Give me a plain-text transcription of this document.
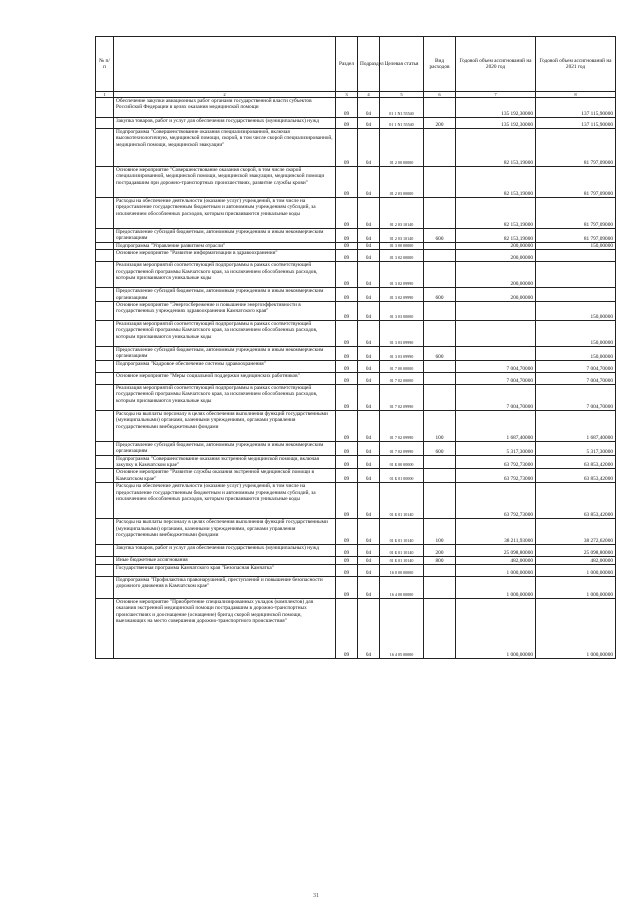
№ п/п		Раздел	Подраздел	Целевая статья	Вид расходов	Годовой объем ассигнований на 2020 год	Годовой объем ассигнований на 2021 год
1	2	3	4	5	6	7	8
	Обеспечение закупки авиационных работ органами государственной власти субъектов Российской Федерации в целях оказания медицинской помощи	09	04	01 1 N1 55540		135 192,30000	137 115,90000
	Закупка товаров, работ и услуг для обеспечения государственных (муниципальных) нужд	09	04	01 1 N1 55540	200	135 192,30000	137 115,90000
	Подпрограмма "Совершенствование оказания специализированной, включая высокотехнологичную, медицинской помощи, скорой, в том числе скорой специализированной, медицинской помощи, медицинской эвакуации"	09	04	01 2 00 00000		82 153,19000	81 797,09000
	Основное мероприятие "Совершенствование оказания скорой, в том числе скорой специализированной, медицинской помощи, медицинской эвакуации, медицинской помощи пострадавшим при дорожно-транспортных происшествиях, развитие службы крови"	09	04	01 2 03 00000		82 153,19000	81 797,09000
	Расходы на обеспечение деятельности (оказание услуг) учреждений, в том числе на предоставление государственным бюджетным и автономным учреждениям субсидий, за исключением обособленных расходов, которым присваиваются уникальные коды	09	04	01 2 03 10140		82 153,19000	81 797,09000
	Предоставление субсидий бюджетным, автономным учреждениям и иным некоммерческим организациям	09	04	01 2 03 10140	600	82 153,19000	81 797,09000
	Подпрограмма "Управление развитием отрасли"	09	04	01 3 00 00000		200,00000	150,00000
	Основное мероприятие "Развитие информатизации в здравоохранении"	09	04	01 3 02 00000		200,00000	
	Реализация мероприятий соответствующей подпрограммы в рамках соответствующей государственной программы Камчатского края, за исключением обособленных расходов, которым присваиваются уникальные коды	09	04	01 3 02 09990		200,00000	
	Предоставление субсидий бюджетным, автономным учреждениям и иным некоммерческим организациям	09	04	01 3 02 09990	600	200,00000	
	Основное мероприятие "Энергосбережение и повышение энергоэффективности в государственных учреждениях здравоохранения Камчатского края"	09	04	01 3 03 00000			150,00000
	Реализация мероприятий соответствующей подпрограммы в рамках соответствующей государственной программы Камчатского края, за исключением обособленных расходов, которым присваиваются уникальные коды	09	04	01 3 03 09990			150,00000
	Предоставление субсидий бюджетным, автономным учреждениям и иным некоммерческим организациям	09	04	01 3 03 09990	600		150,00000
	Подпрограмма "Кадровое обеспечение системы здравоохранения"	09	04	01 7 00 00000		7 004,70000	7 004,70000
	Основное мероприятие "Меры социальной поддержки медицинских работников"	09	04	01 7 02 00000		7 004,70000	7 004,70000
	Реализация мероприятий соответствующей подпрограммы в рамках соответствующей государственной программы Камчатского края, за исключением обособленных расходов, которым присваиваются уникальные коды	09	04	01 7 02 09990		7 004,70000	7 004,70000
	Расходы на выплаты персоналу в целях обеспечения выполнения функций государственными (муниципальными) органами, казенными учреждениями, органами управления государственными внебюджетными фондами	09	04	01 7 02 09990	100	1 687,40000	1 687,40000
	Предоставление субсидий бюджетным, автономным учреждениям и иным некоммерческим организациям	09	04	01 7 02 09990	600	5 317,30000	5 317,30000
	Подпрограмма "Совершенствование оказания экстренной медицинской помощи, включая закупку в Камчатском крае"	09	04	01 Б 00 00000		63 792,73000	63 853,42000
	Основное мероприятие "Развитие службы оказания экстренной медицинской помощи в Камчатском крае"	09	04	01 Б 01 00000		63 792,73000	63 853,42000
	Расходы на обеспечение деятельности (оказание услуг) учреждений, в том числе на предоставление государственным бюджетным и автономным учреждениям субсидий, за исключением обособленных расходов, которым присваиваются уникальные коды	09	04	01 Б 01 10140		63 792,73000	63 853,42000
	Расходы на выплаты персоналу в целях обеспечения выполнения функций государственными (муниципальными) органами, казенными учреждениями, органами управления государственными внебюджетными фондами	09	04	01 Б 01 10140	100	38 211,93000	38 272,62000
	Закупка товаров, работ и услуг для обеспечения государственных (муниципальных) нужд	09	04	01 Б 01 10140	200	25 098,80000	25 098,80000
	Иные бюджетные ассигнования	09	04	01 Б 01 10140	800	482,00000	482,00000
	Государственная программа Камчатского края "Безопасная Камчатка"	09	04	16 0 00 00000		1 000,00000	1 000,00000
	Подпрограмма "Профилактика правонарушений, преступлений и повышение безопасности дорожного движения в Камчатском крае"	09	04	16 4 00 00000		1 000,00000	1 000,00000
	Основное мероприятие "Приобретение специализированных укладок (комплектов) для оказания экстренной медицинской помощи пострадавшим в дорожно-транспортных происшествиях и дооснащение (оснащение) бригад скорой медицинской помощи, выезжающих на место совершения дорожно-транспортного происшествия"	09	04	16 4 05 00000		1 000,00000	1 000,00000
31
